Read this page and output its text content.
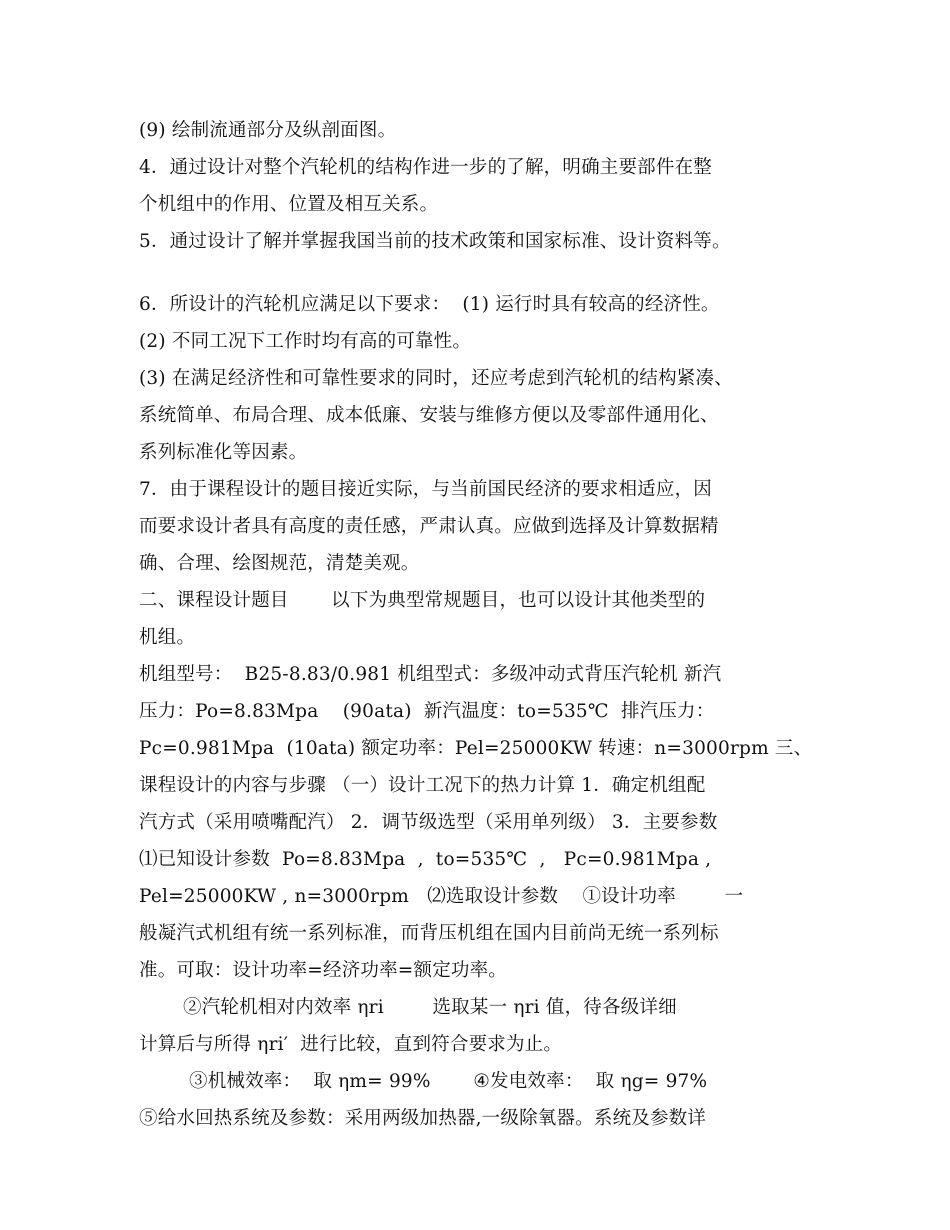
(9) 绘制流通部分及纵剖面图。
4．通过设计对整个汽轮机的结构作进一步的了解，明确主要部件在整
个机组中的作用、位置及相互关系。
5．通过设计了解并掌握我国当前的技术政策和国家标准、设计资料等。
6．所设计的汽轮机应满足以下要求：  (1) 运行时具有较高的经济性。
(2) 不同工况下工作时均有高的可靠性。
(3) 在满足经济性和可靠性要求的同时，还应考虑到汽轮机的结构紧凑、
系统简单、布局合理、成本低廉、安装与维修方便以及零部件通用化、
系列标准化等因素。
7．由于课程设计的题目接近实际，与当前国民经济的要求相适应，因
而要求设计者具有高度的责任感，严肃认真。应做到选择及计算数据精
确、合理、绘图规范，清楚美观。
二、课程设计题目       以下为典型常规题目，也可以设计其他类型的
机组。
机组型号：  B25-8.83/0.981 机组型式：多级冲动式背压汽轮机 新汽
压力：Po=8.83Mpa    (90ata)  新汽温度：to=535℃  排汽压力：
Pc=0.981Mpa  (10ata) 额定功率：Pel=25000KW 转速：n=3000rpm 三、
课程设计的内容与步骤 （一）设计工况下的热力计算 1．确定机组配
汽方式（采用喷嘴配汽） 2．调节级选型（采用单列级） 3．主要参数
⑴已知设计参数  Po=8.83Mpa  ,  to=535℃  ,   Pc=0.981Mpa ,
Pel=25000KW , n=3000rpm   ⑵选取设计参数    ①设计功率        一
般凝汽式机组有统一系列标准，而背压机组在国内目前尚无统一系列标
准。可取：设计功率=经济功率=额定功率。
②汽轮机相对内效率 ηri        选取某一 ηri 值，待各级详细
计算后与所得 ηri′  进行比较，直到符合要求为止。
③机械效率：  取 ηm= 99%       ④发电效率：  取 ηg= 97%
⑤给水回热系统及参数：采用两级加热器,一级除氧器。系统及参数详
